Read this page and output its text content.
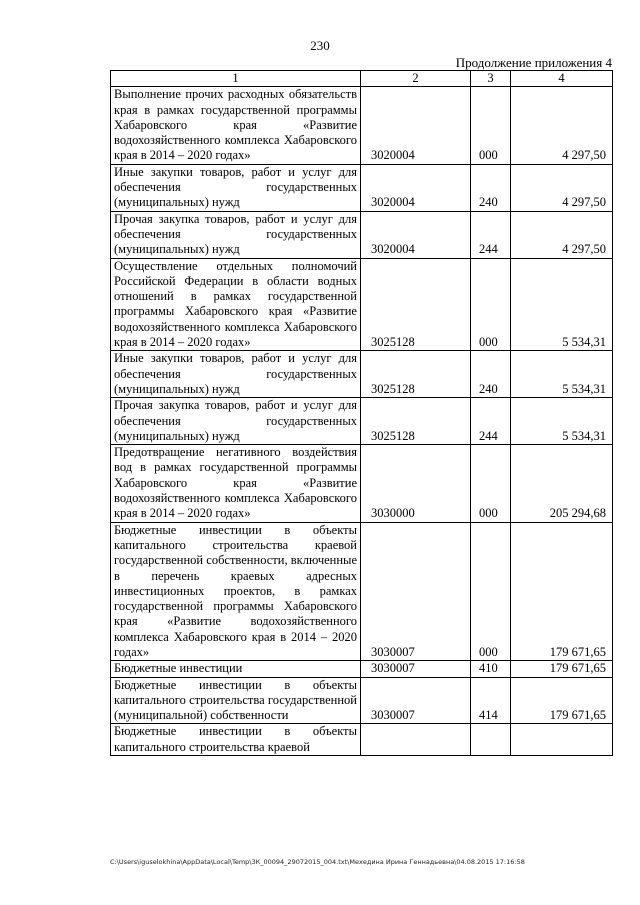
230
Продолжение приложения 4
1	2	3	4
Выполнение прочих расходных обязательств края в рамках государственной программы Хабаровского края «Развитие водохозяйственного комплекса Хабаровского края в 2014 – 2020 годах»	3020004	000	4 297,50
Иные закупки товаров, работ и услуг для обеспечения государственных (муниципальных) нужд	3020004	240	4 297,50
Прочая закупка товаров, работ и услуг для обеспечения государственных (муниципальных) нужд	3020004	244	4 297,50
Осуществление отдельных полномочий Российской Федерации в области водных отношений в рамках государственной программы Хабаровского края «Развитие водохозяйственного комплекса Хабаровского края в 2014 – 2020 годах»	3025128	000	5 534,31
Иные закупки товаров, работ и услуг для обеспечения государственных (муниципальных) нужд	3025128	240	5 534,31
Прочая закупка товаров, работ и услуг для обеспечения государственных (муниципальных) нужд	3025128	244	5 534,31
Предотвращение негативного воздействия вод в рамках государственной программы Хабаровского края «Развитие водохозяйственного комплекса Хабаровского края в 2014 – 2020 годах»	3030000	000	205 294,68
Бюджетные инвестиции в объекты капитального строительства краевой государственной собственности, включенные в перечень краевых адресных инвестиционных проектов, в рамках государственной программы Хабаровского края «Развитие водохозяйственного комплекса Хабаровского края в 2014 – 2020 годах»	3030007	000	179 671,65
Бюджетные инвестиции	3030007	410	179 671,65
Бюджетные инвестиции в объекты капитального строительства государственной (муниципальной) собственности	3030007	414	179 671,65
Бюджетные инвестиции в объекты капитального строительства краевой			
C:\Users\iguselokhina\AppData\Local\Temp\ЗК_00094_29072015_004.txt\Мехедина Ирина Геннадьевна\04.08.2015 17:16:58
